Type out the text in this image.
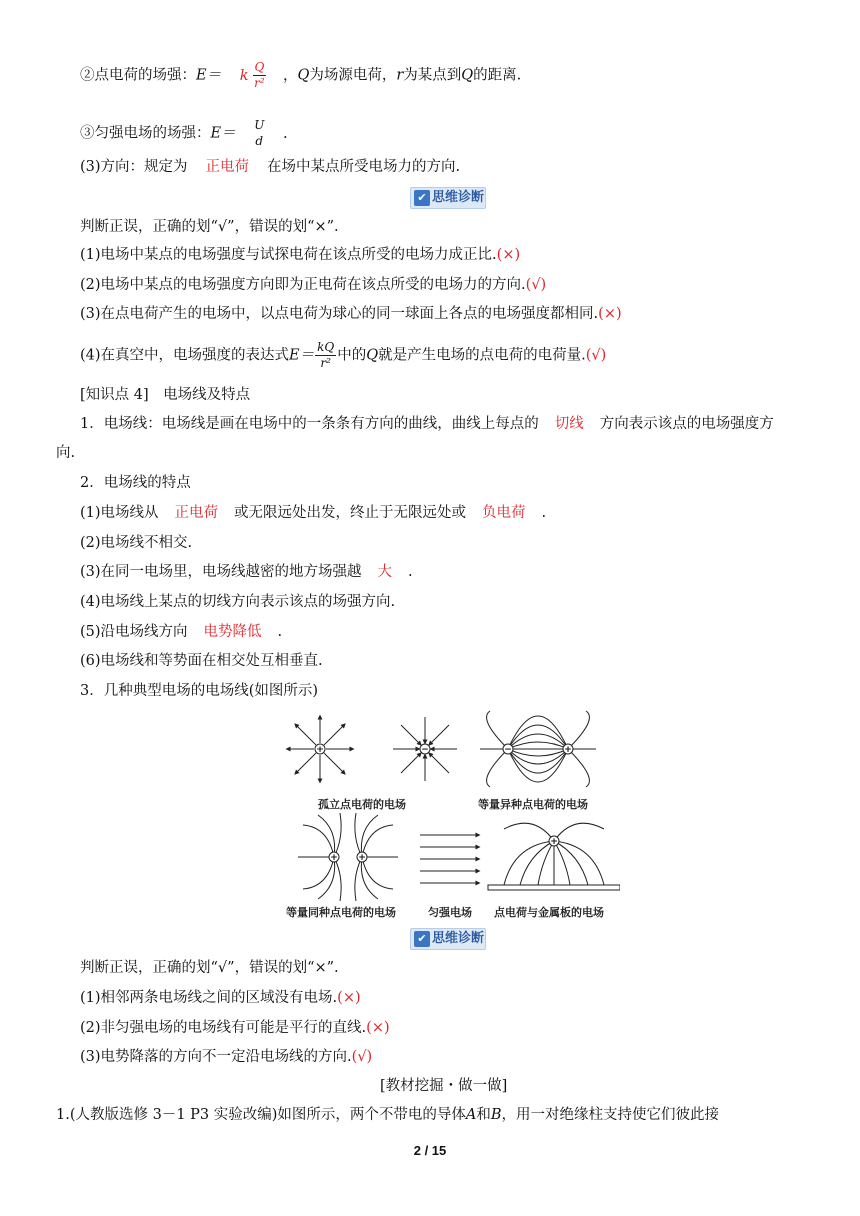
②点电荷的场强：E＝ k $\frac{Q}{\text{r²}}$ ，Q为场源电荷，r为某点到Q的距离.
③匀强电场的场强：E＝
U
d .
(3)方向：规定为 正电荷 在场中某点所受电场力的方向.
✔ 思维诊断
判断正误，正确的划“√”，错误的划“×”.
(1)电场中某点的电场强度与试探电荷在该点所受的电场力成正比.(×)
(2)电场中某点的电场强度方向即为正电荷在该点所受的电场力的方向.(√)
(3)在点电荷产生的电场中，以点电荷为球心的同一球面上各点的电场强度都相同.(×)
(4)在真空中，电场强度的表达式$E= \frac{kQ}{\text{r²}}$ 中的Q就是产生电场的点电荷的电荷量.(√)
[知识点 4]　电场线及特点
1．电场线：电场线是画在电场中的一条条有方向的曲线，曲线上每点的 切线 方向表示该点的电场强度方
向.
2．电场线的特点
(1)电场线从 正电荷 或无限远处出发，终止于无限远处或 负电荷 .
(2)电场线不相交.
(3)在同一电场里，电场线越密的地方场强越 大 .
(4)电场线上某点的切线方向表示该点的场强方向.
(5)沿电场线方向 电势降低 .
(6)电场线和等势面在相交处互相垂直.
3．几种典型电场的电场线(如图所示)
+	−	−	+
+ +
+
孤立点电荷的电场	等量异种点电荷的电场
等量同种点电荷的电场	匀强电场 点电荷与金属板的电场
✔ 思维诊断
判断正误，正确的划“√”，错误的划“×”.
(1)相邻两条电场线之间的区域没有电场.(×)
(2)非匀强电场的电场线有可能是平行的直线.(×)
(3)电势降落的方向不一定沿电场线的方向.(√)
[教材挖掘・做一做]
1.(人教版选修 3－1 P3 实验改编)如图所示，两个不带电的导体A和B，用一对绝缘柱支持使它们彼此接
2 / 15
